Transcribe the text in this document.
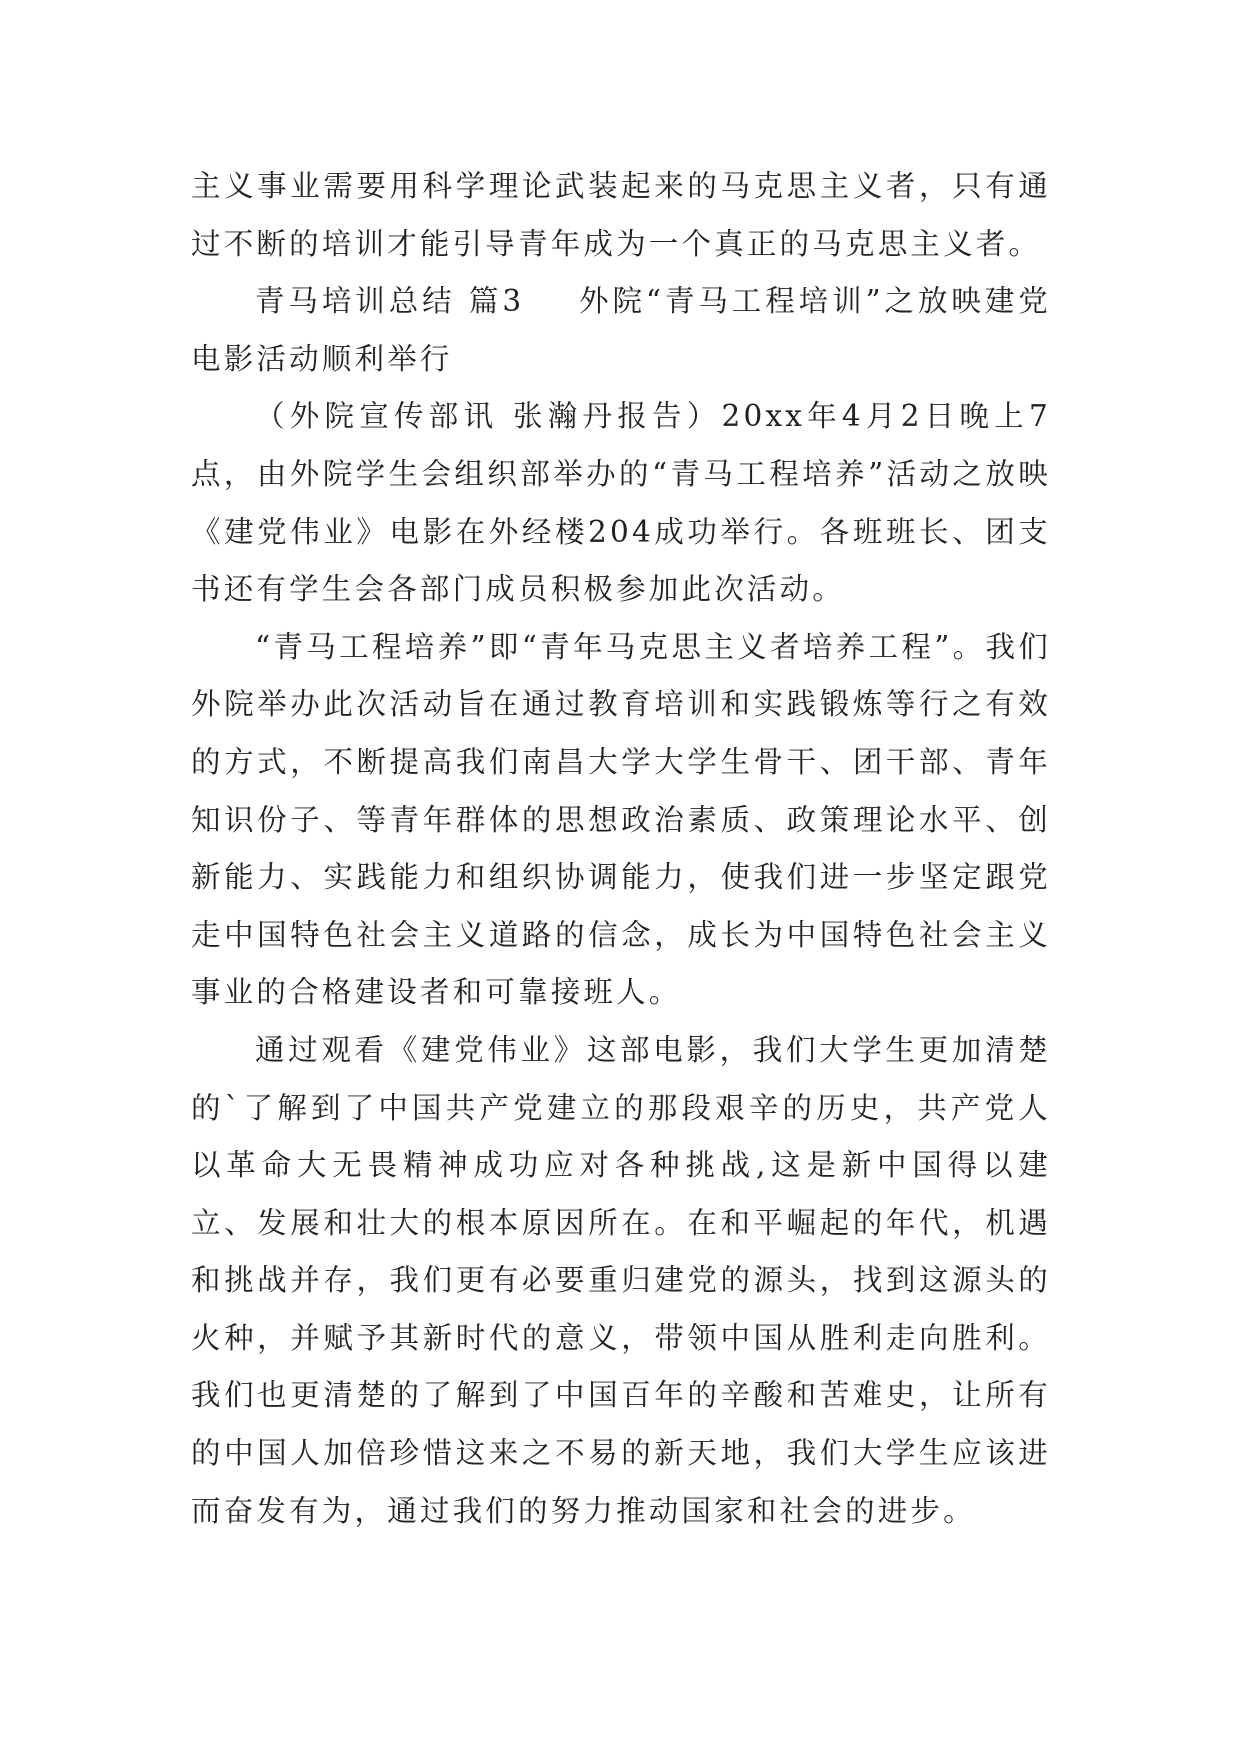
主义事业需要用科学理论武装起来的马克思主义者，只有通过不断的培训才能引导青年成为一个真正的马克思主义者。

青马培训总结 篇3 外院“青马工程培训”之放映建党电影活动顺利举行

（外院宣传部讯 张瀚丹报告）20xx年4月2日晚上7点，由外院学生会组织部举办的“青马工程培养”活动之放映《建党伟业》电影在外经楼204成功举行。各班班长、团支书还有学生会各部门成员积极参加此次活动。

“青马工程培养”即“青年马克思主义者培养工程”。我们外院举办此次活动旨在通过教育培训和实践锻炼等行之有效的方式，不断提高我们南昌大学大学生骨干、团干部、青年知识份子、等青年群体的思想政治素质、政策理论水平、创新能力、实践能力和组织协调能力，使我们进一步坚定跟党走中国特色社会主义道路的信念，成长为中国特色社会主义事业的合格建设者和可靠接班人。

通过观看《建党伟业》这部电影，我们大学生更加清楚的`了解到了中国共产党建立的那段艰辛的历史，共产党人以革命大无畏精神成功应对各种挑战,这是新中国得以建立、发展和壮大的根本原因所在。在和平崛起的年代，机遇和挑战并存，我们更有必要重归建党的源头，找到这源头的火种，并赋予其新时代的意义，带领中国从胜利走向胜利。我们也更清楚的了解到了中国百年的辛酸和苦难史，让所有的中国人加倍珍惜这来之不易的新天地，我们大学生应该进而奋发有为，通过我们的努力推动国家和社会的进步。
